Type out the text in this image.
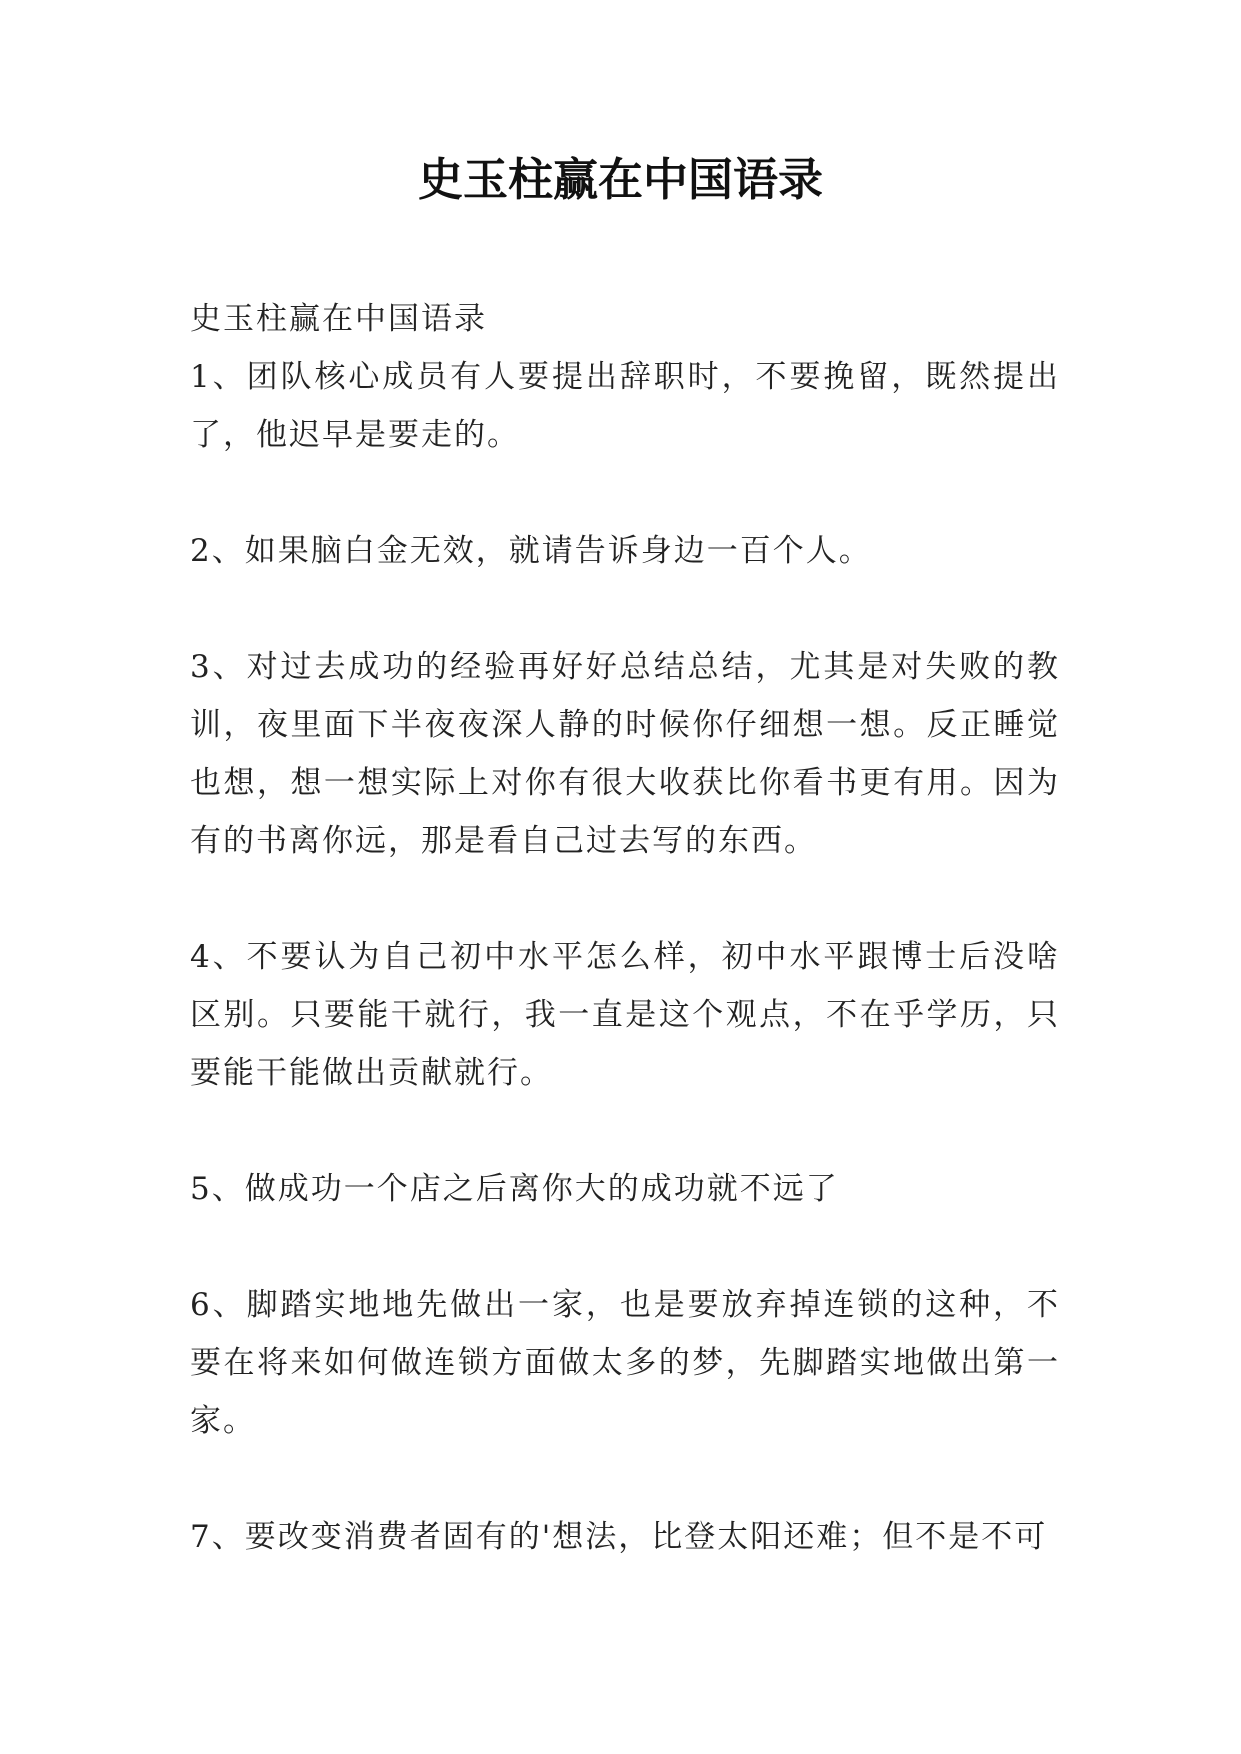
史玉柱赢在中国语录

史玉柱赢在中国语录

1、团队核心成员有人要提出辞职时，不要挽留，既然提出了，他迟早是要走的。

2、如果脑白金无效，就请告诉身边一百个人。

3、对过去成功的经验再好好总结总结，尤其是对失败的教训，夜里面下半夜夜深人静的时候你仔细想一想。反正睡觉也想，想一想实际上对你有很大收获比你看书更有用。因为有的书离你远，那是看自己过去写的东西。

4、不要认为自己初中水平怎么样，初中水平跟博士后没啥区别。只要能干就行，我一直是这个观点，不在乎学历，只要能干能做出贡献就行。

5、做成功一个店之后离你大的成功就不远了

6、脚踏实地地先做出一家，也是要放弃掉连锁的这种，不要在将来如何做连锁方面做太多的梦，先脚踏实地做出第一家。

7、要改变消费者固有的'想法，比登太阳还难；但不是不可
